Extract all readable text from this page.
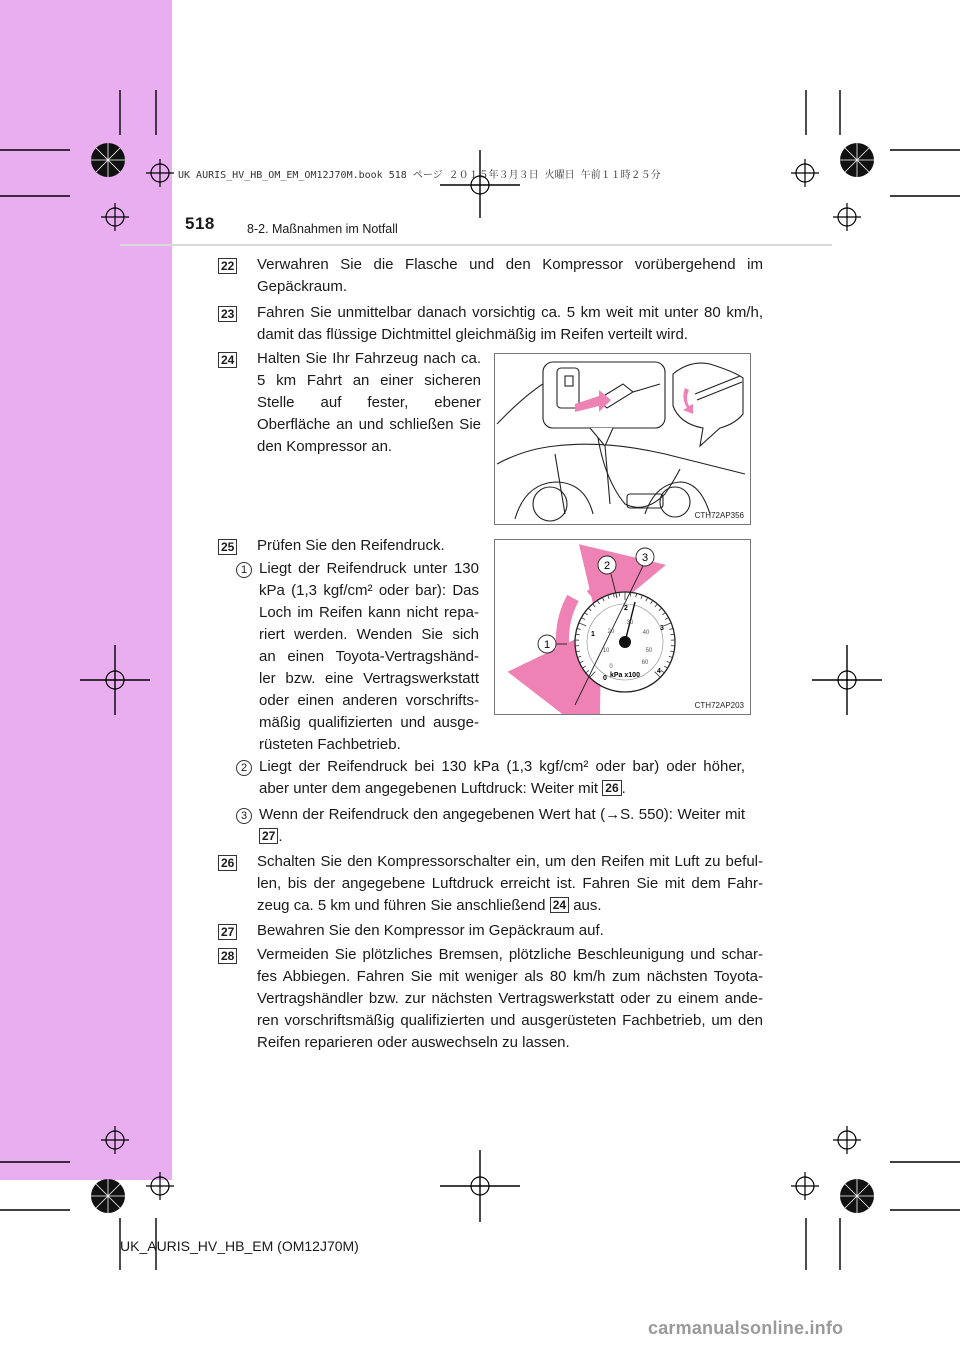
UK AURIS_HV_HB_OM_EM_OM12J70M.book 518 ページ ２０１５年３月３日 火曜日 午前１１時２５分
518	8-2. Maßnahmen im Notfall
22 Verwahren Sie die Flasche und den Kompressor vorübergehend im Gepäckraum.
23 Fahren Sie unmittelbar danach vorsichtig ca. 5 km weit mit unter 80 km/h, damit das flüssige Dichtmittel gleichmäßig im Reifen verteilt wird.
24 Halten Sie Ihr Fahrzeug nach ca. 5 km Fahrt an einer sicheren Stelle auf fester, ebener Oberfläche an und schließen Sie den Kompressor an.
CTH72AP356
25 Prüfen Sie den Reifendruck.
1 Liegt der Reifendruck unter 130 kPa (1,3 kgf/cm² oder bar): Das Loch im Reifen kann nicht repa-riert werden. Wenden Sie sich an einen Toyota-Vertragshänd-ler bzw. eine Vertragswerkstatt oder einen anderen vorschrifts-mäßig qualifizierten und ausge-rüsteten Fachbetrieb.
1
2
3
0
1
2
3
4
0
10
20
30
40
50
60
kPa x100
CTH72AP203
2 Liegt der Reifendruck bei 130 kPa (1,3 kgf/cm² oder bar) oder höher, aber unter dem angegebenen Luftdruck: Weiter mit 26 .
3 Wenn der Reifendruck den angegebenen Wert hat (→S. 550): Weiter mit 27 .
26 Schalten Sie den Kompressorschalter ein, um den Reifen mit Luft zu beful-len, bis der angegebene Luftdruck erreicht ist. Fahren Sie mit dem Fahr-zeug ca. 5 km und führen Sie anschließend 24 aus.
27 Bewahren Sie den Kompressor im Gepäckraum auf.
28 Vermeiden Sie plötzliches Bremsen, plötzliche Beschleunigung und schar-fes Abbiegen. Fahren Sie mit weniger als 80 km/h zum nächsten Toyota-Vertragshändler bzw. zur nächsten Vertragswerkstatt oder zu einem ande-ren vorschriftsmäßig qualifizierten und ausgerüsteten Fachbetrieb, um den Reifen reparieren oder auswechseln zu lassen.
UK_AURIS_HV_HB_EM (OM12J70M)
carmanualsonline.info
